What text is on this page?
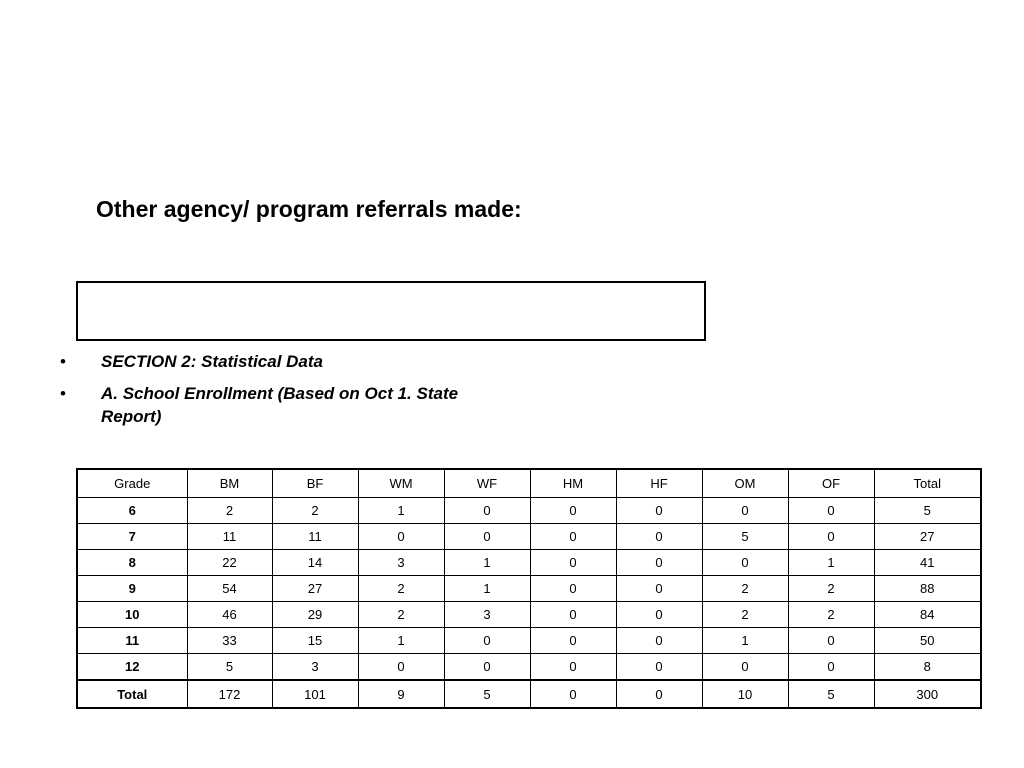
Other agency/ program referrals made:
• SECTION 2: Statistical Data
• A. School Enrollment (Based on Oct 1. State Report)
Grade	BM	BF	WM	WF	HM	HF	OM	OF	Total
6	2	2	1	0	0	0	0	0	5
7	11	11	0	0	0	0	5	0	27
8	22	14	3	1	0	0	0	1	41
9	54	27	2	1	0	0	2	2	88
10	46	29	2	3	0	0	2	2	84
11	33	15	1	0	0	0	1	0	50
12	5	3	0	0	0	0	0	0	8
Total	172	101	9	5	0	0	10	5	300
